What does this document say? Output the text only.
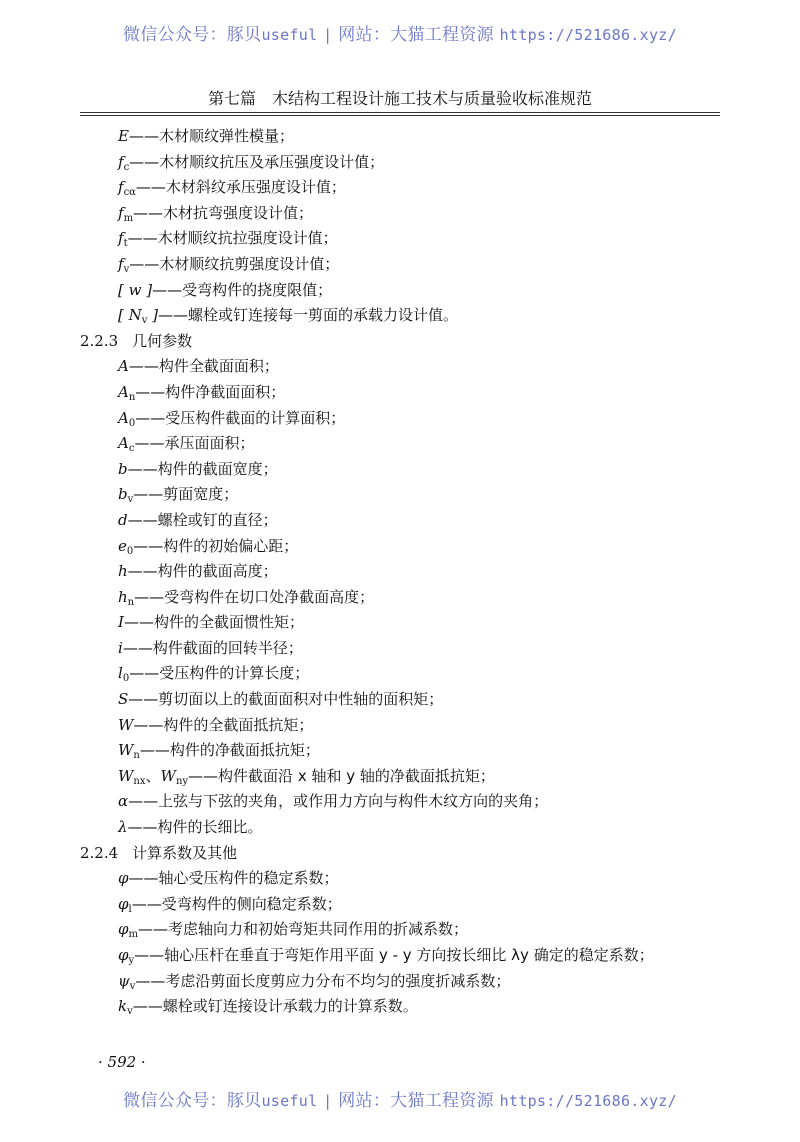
微信公众号：豚贝useful | 网站：大猫工程资源 https://521686.xyz/
第七篇　木结构工程设计施工技术与质量验收标准规范
E——木材顺纹弹性模量；
$f_c——$木材顺纹抗压及承压强度设计值；
$f_{c\alpha}——$木材斜纹承压强度设计值；
$f_m——$木材抗弯强度设计值；
$f_t——$木材顺纹抗拉强度设计值；
$f_v——$木材顺纹抗剪强度设计值；
[ w ]——受弯构件的挠度限值；
[ $N_v$ ]——螺栓或钉连接每一剪面的承载力设计值。
2.2.3 几何参数
A——构件全截面面积；
$A_n——$构件净截面面积；
$A_0——$受压构件截面的计算面积；
$A_c——$承压面面积；
b——构件的截面宽度；
$b_v——$剪面宽度；
d——螺栓或钉的直径；
$e_0——$构件的初始偏心距；
h——构件的截面高度；
$h_n——$受弯构件在切口处净截面高度；
I——构件的全截面惯性矩；
i——构件截面的回转半径；
$l_0——$受压构件的计算长度；
S——剪切面以上的截面面积对中性轴的面积矩；
W——构件的全截面抵抗矩；
$W_n——$构件的净截面抵抗矩；
$W_{nx}$、$W_{ny}——$构件截面沿 x 轴和 y 轴的净截面抵抗矩；
α——上弦与下弦的夹角，或作用力方向与构件木纹方向的夹角；
λ——构件的长细比。
2.2.4 计算系数及其他
φ——轴心受压构件的稳定系数；
$\varphi_l——$受弯构件的侧向稳定系数；
$\varphi_m——$考虑轴向力和初始弯矩共同作用的折减系数；
$\varphi_y——$轴心压杆在垂直于弯矩作用平面 y - y 方向按长细比 λy 确定的稳定系数；
$\psi_v——$考虑沿剪面长度剪应力分布不均匀的强度折减系数；
$k_v——$螺栓或钉连接设计承载力的计算系数。
· 592 ·
微信公众号：豚贝useful | 网站：大猫工程资源 https://521686.xyz/
